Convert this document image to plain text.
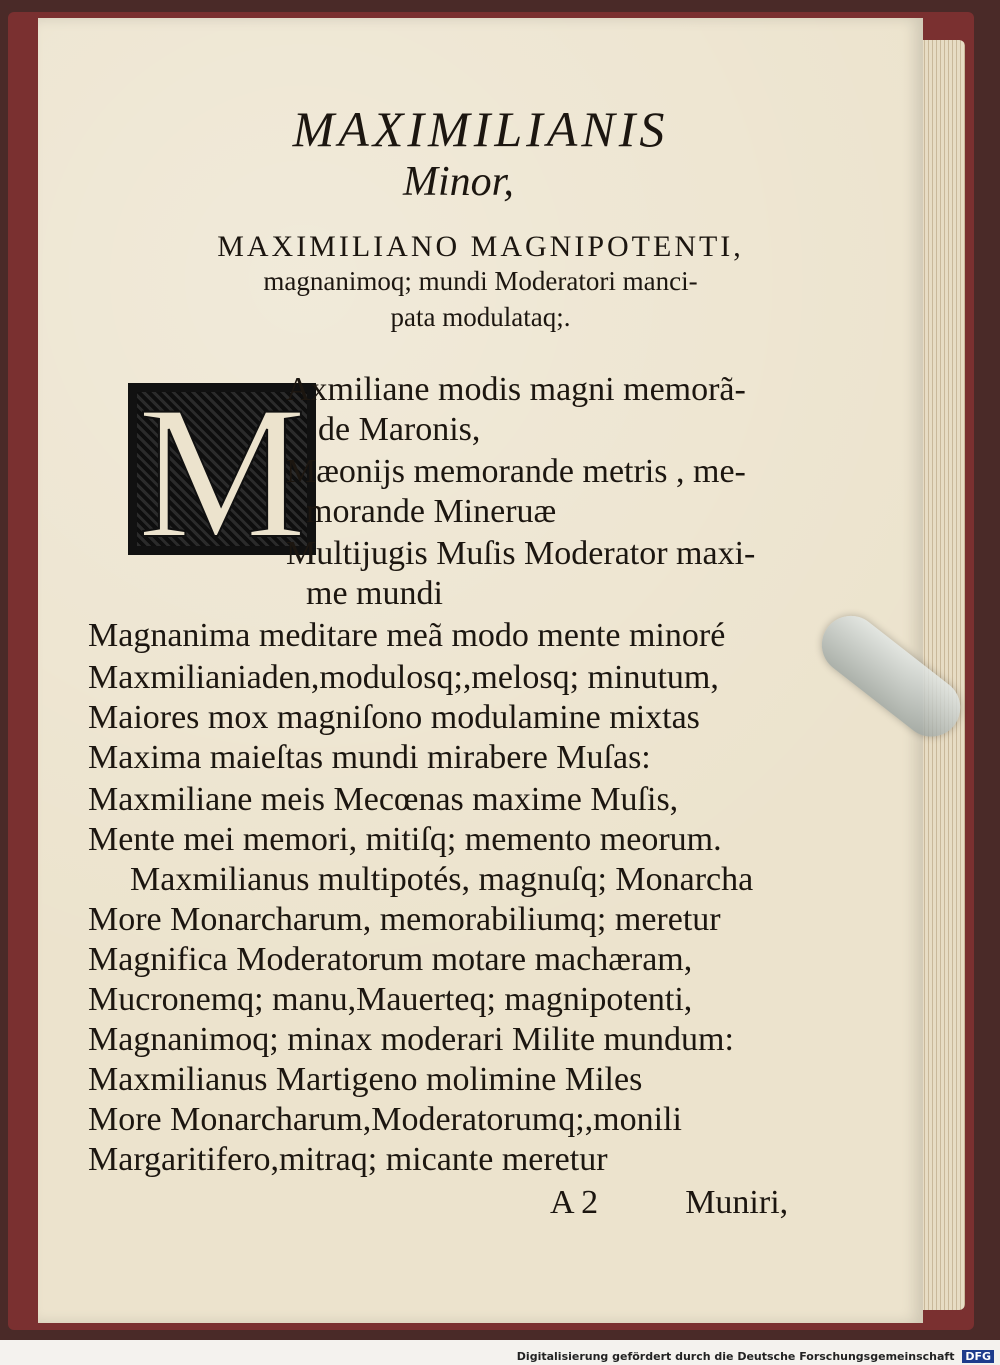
MAXIMILIANIS
Minor,
MAXIMILIANO MAGNIPOTENTI,
magnanimoq; mundi Moderatori manci-
pata modulataq;.
M
Axmiliane modis magni memorã-
de Maronis,
Mæonijs memorande metris , me-
morande Mineruæ
Multijugis Muſis Moderator maxi-
me mundi
Magnanima meditare meã modo mente minoré
Maxmilianiaden,modulosq;,melosq; minutum,
Maiores mox magniſono modulamine mixtas
Maxima maieſtas mundi mirabere Muſas:
Maxmiliane meis Mecœnas maxime Muſis,
Mente mei memori, mitiſq; memento meorum.
Maxmilianus multipotés, magnuſq; Monarcha
More Monarcharum, memorabiliumq; meretur
Magnifica Moderatorum motare machæram,
Mucronemq; manu,Mauerteq; magnipotenti,
Magnanimoq; minax moderari Milite mundum:
Maxmilianus Martigeno molimine Miles
More Monarcharum,Moderatorumq;,monili
Margaritifero,mitraq; micante meretur
A 2	Muniri,
Digitalisierung gefördert durch die Deutsche Forschungsgemeinschaft DFG
